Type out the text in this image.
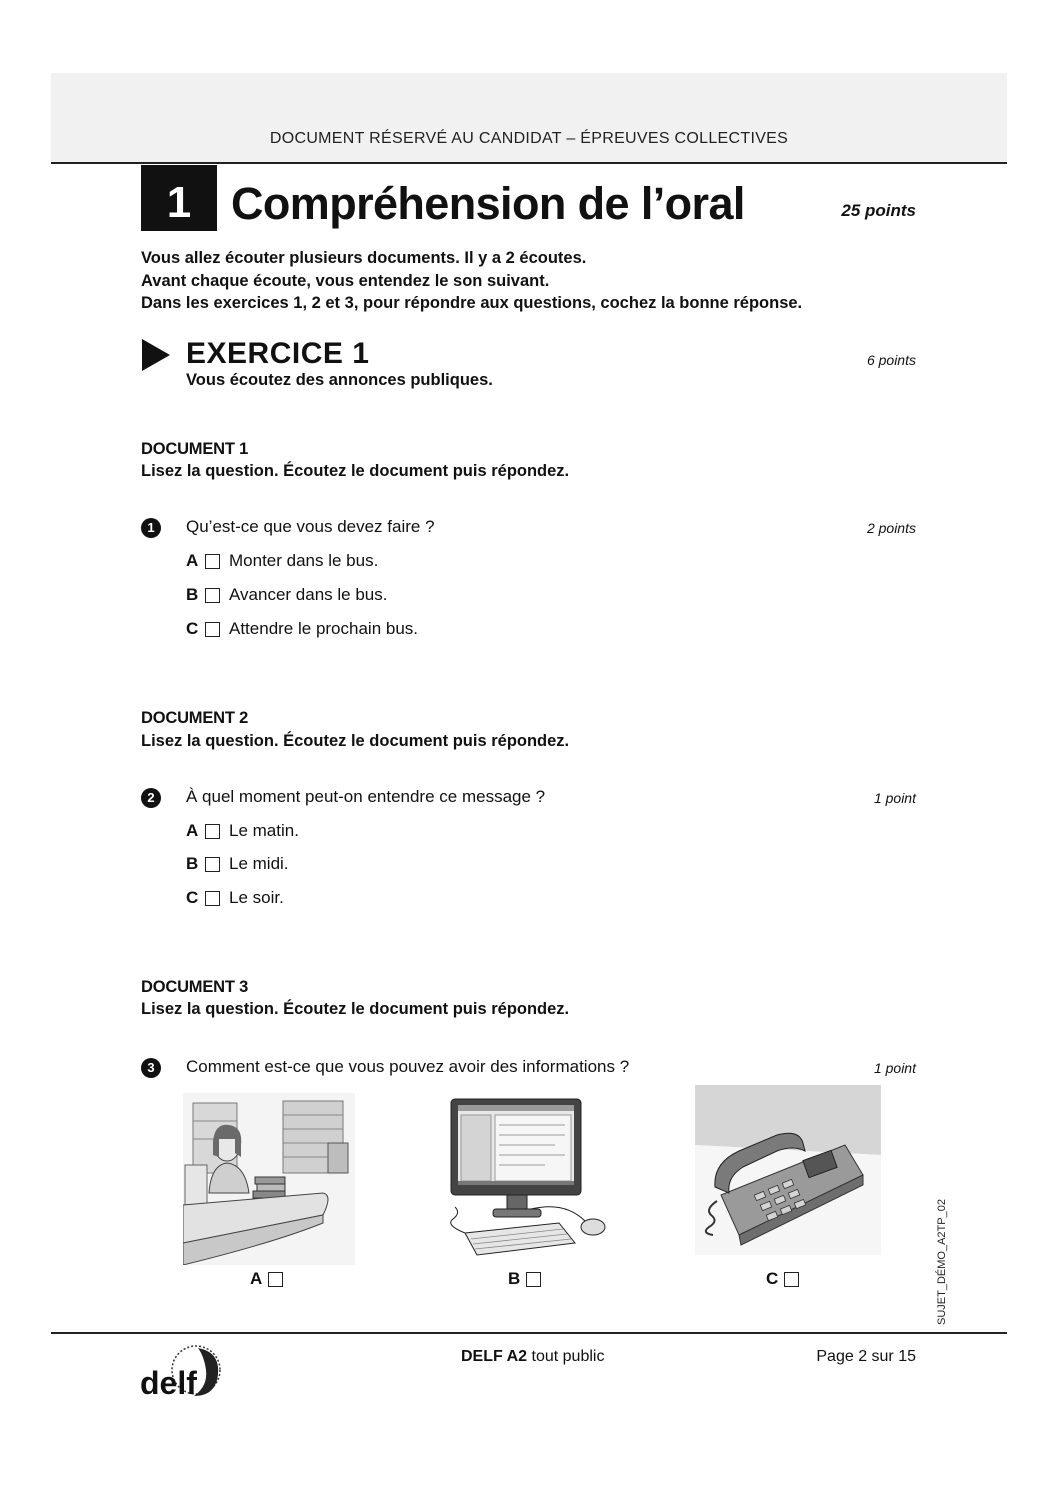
DOCUMENT RÉSERVÉ AU CANDIDAT – ÉPREUVES COLLECTIVES
1 Compréhension de l’oral	25 points
Vous allez écouter plusieurs documents. Il y a 2 écoutes.
Avant chaque écoute, vous entendez le son suivant.
Dans les exercices 1, 2 et 3, pour répondre aux questions, cochez la bonne réponse.
EXERCICE 1	6 points
Vous écoutez des annonces publiques.
DOCUMENT 1
Lisez la question. Écoutez le document puis répondez.
1	Qu’est-ce que vous devez faire ?	2 points
A	Monter dans le bus.
B	Avancer dans le bus.
C	Attendre le prochain bus.
DOCUMENT 2
Lisez la question. Écoutez le document puis répondez.
2	À quel moment peut-on entendre ce message ?	1 point
A	Le matin.
B	Le midi.
C	Le soir.
DOCUMENT 3
Lisez la question. Écoutez le document puis répondez.
3	Comment est-ce que vous pouvez avoir des informations ?	1 point
A	B	C	SUJET_DÉMO_A2TP_02
delf
DELF A2 tout public	Page 2 sur 15
